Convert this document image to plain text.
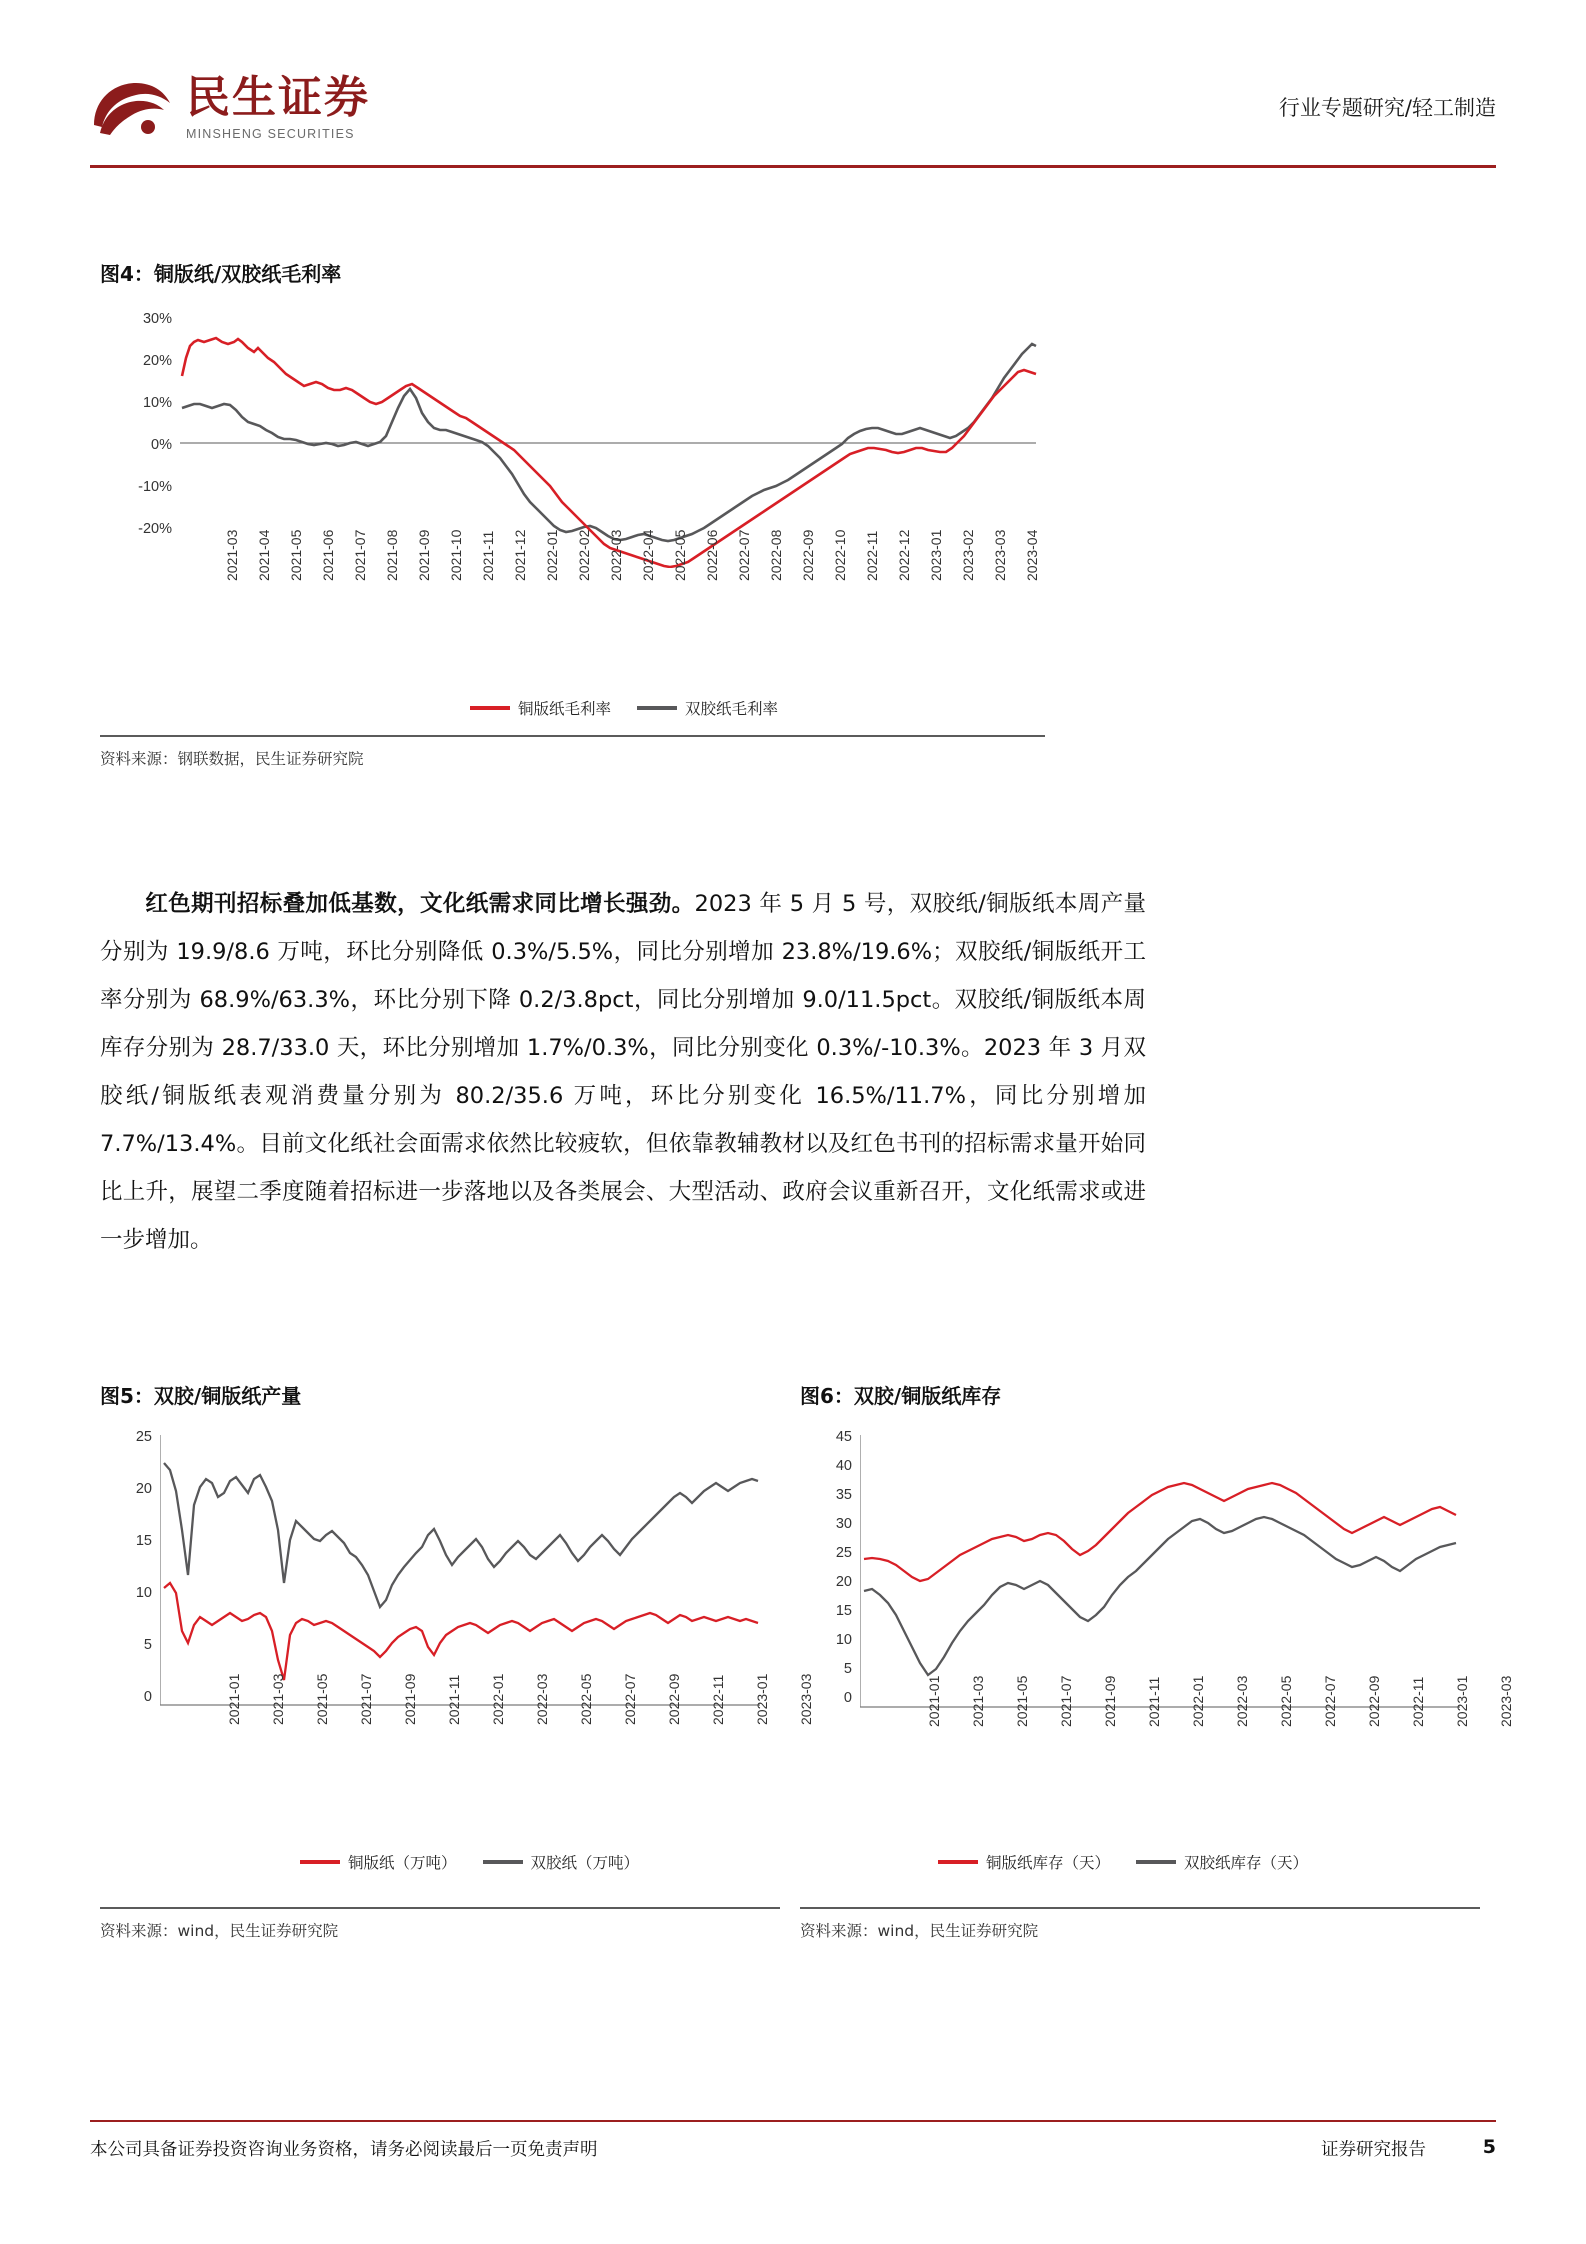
民生证券
MINSHENG SECURITIES
行业专题研究/轻工制造
图4：铜版纸/双胶纸毛利率
30%
20%
10%
0%
-10%
-20%
2021-03 2021-04 2021-05 2021-06 2021-07 2021-08 2021-09 2021-10 2021-11 2021-12 2022-01 2022-02 2022-03 2022-04 2022-05 2022-06 2022-07 2022-08 2022-09 2022-10 2022-11 2022-12 2023-01 2023-02 2023-03 2023-04
铜版纸毛利率	双胶纸毛利率
资料来源：钢联数据，民生证券研究院
红色期刊招标叠加低基数，文化纸需求同比增长强劲。2023 年 5 月 5 号，双胶纸/铜版纸本周产量分别为 19.9/8.6 万吨，环比分别降低 0.3%/5.5%，同比分别增加 23.8%/19.6%；双胶纸/铜版纸开工率分别为 68.9%/63.3%，环比分别下降 0.2/3.8pct，同比分别增加 9.0/11.5pct。双胶纸/铜版纸本周库存分别为 28.7/33.0 天，环比分别增加 1.7%/0.3%，同比分别变化 0.3%/-10.3%。2023 年 3 月双胶纸/铜版纸表观消费量分别为 80.2/35.6 万吨，环比分别变化 16.5%/11.7%，同比分别增加 7.7%/13.4%。目前文化纸社会面需求依然比较疲软，但依靠教辅教材以及红色书刊的招标需求量开始同比上升，展望二季度随着招标进一步落地以及各类展会、大型活动、政府会议重新召开，文化纸需求或进一步增加。
图5：双胶/铜版纸产量
25
20
15
10
5
0	2021-01 2021-03 2021-05 2021-07 2021-09 2021-11 2022-01 2022-03 2022-05 2022-07 2022-09 2022-11 2023-01 2023-03
铜版纸（万吨）	双胶纸（万吨）
资料来源：wind，民生证券研究院
图6：双胶/铜版纸库存
45
40
35
30
25
20
15
10
5
0	2021-01 2021-03 2021-05 2021-07 2021-09 2021-11 2022-01 2022-03 2022-05 2022-07 2022-09 2022-11 2023-01 2023-03
铜版纸库存（天）	双胶纸库存（天）
资料来源：wind，民生证券研究院
本公司具备证券投资咨询业务资格，请务必阅读最后一页免责声明	证券研究报告	5
